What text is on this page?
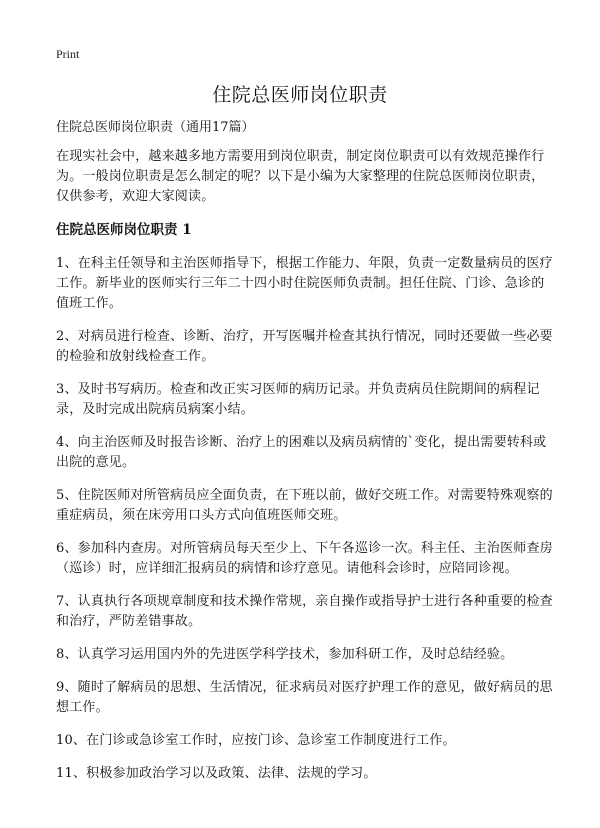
Print
住院总医师岗位职责

住院总医师岗位职责（通用17篇）

在现实社会中，越来越多地方需要用到岗位职责，制定岗位职责可以有效规范操作行为。一般岗位职责是怎么制定的呢？以下是小编为大家整理的住院总医师岗位职责，仅供参考，欢迎大家阅读。

住院总医师岗位职责 1

1、在科主任领导和主治医师指导下，根据工作能力、年限，负责一定数量病员的医疗工作。新毕业的医师实行三年二十四小时住院医师负责制。担任住院、门诊、急诊的值班工作。
2、对病员进行检查、诊断、治疗，开写医嘱并检查其执行情况，同时还要做一些必要的检验和放射线检查工作。
3、及时书写病历。检查和改正实习医师的病历记录。并负责病员住院期间的病程记录，及时完成出院病员病案小结。
4、向主治医师及时报告诊断、治疗上的困难以及病员病情的`变化，提出需要转科或出院的意见。
5、住院医师对所管病员应全面负责，在下班以前，做好交班工作。对需要特殊观察的重症病员，须在床旁用口头方式向值班医师交班。
6、参加科内查房。对所管病员每天至少上、下午各巡诊一次。科主任、主治医师查房（巡诊）时，应详细汇报病员的病情和诊疗意见。请他科会诊时，应陪同诊视。
7、认真执行各项规章制度和技术操作常规，亲自操作或指导护士进行各种重要的检查和治疗，严防差错事故。
8、认真学习运用国内外的先进医学科学技术，参加科研工作，及时总结经验。
9、随时了解病员的思想、生活情况，征求病员对医疗护理工作的意见，做好病员的思想工作。
10、在门诊或急诊室工作时，应按门诊、急诊室工作制度进行工作。
11、积极参加政治学习以及政策、法律、法规的学习。
